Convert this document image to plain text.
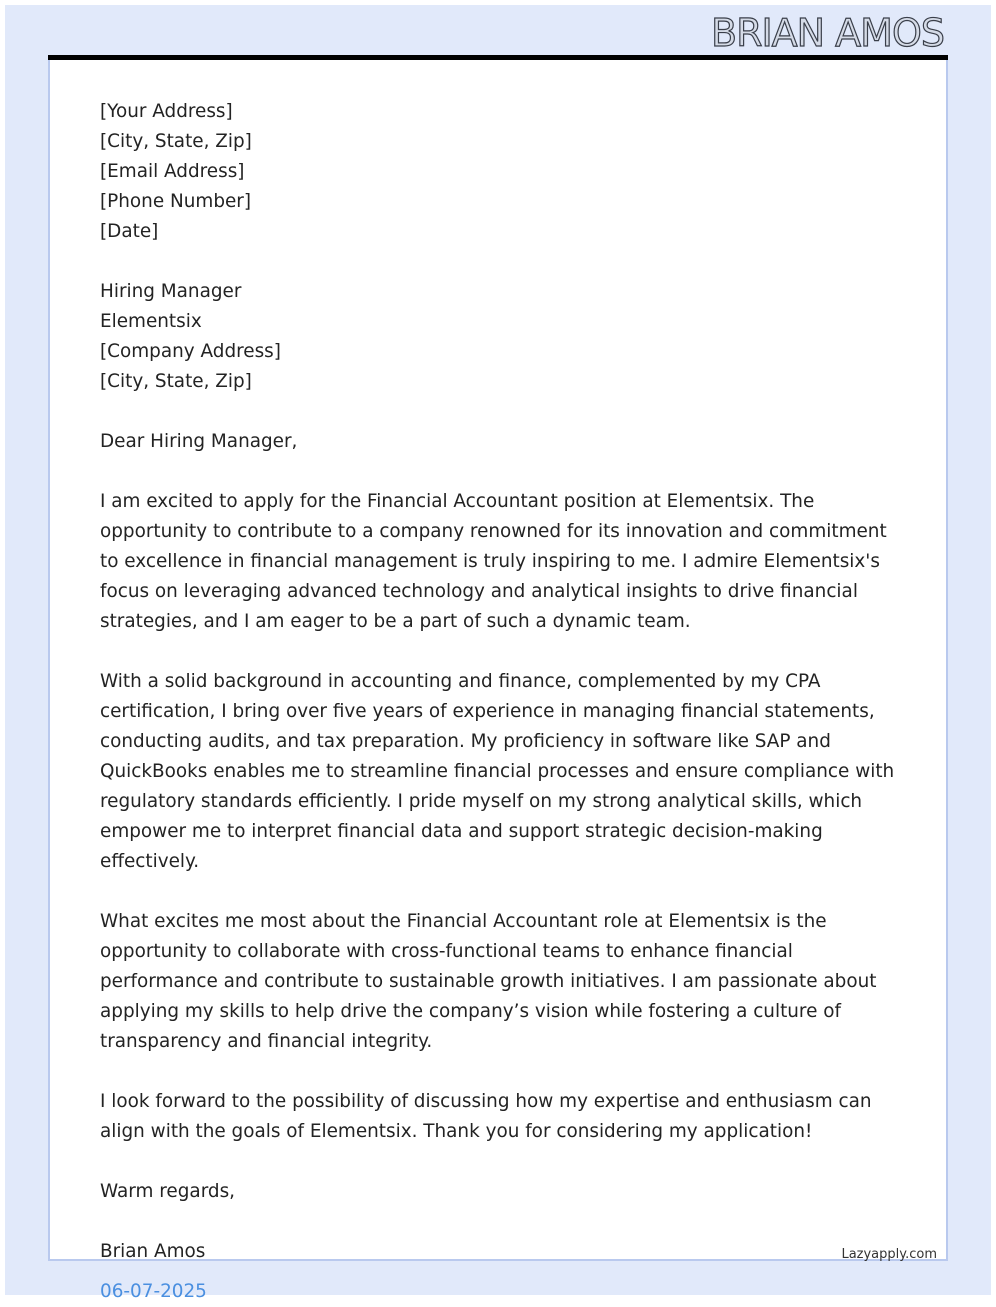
BRIAN AMOS
[Your Address]
[City, State, Zip]
[Email Address]
[Phone Number]
[Date]
Hiring Manager
Elementsix
[Company Address]
[City, State, Zip]

Dear Hiring Manager,

I am excited to apply for the Financial Accountant position at Elementsix. The opportunity to contribute to a company renowned for its innovation and commitment to excellence in financial management is truly inspiring to me. I admire Elementsix's focus on leveraging advanced technology and analytical insights to drive financial strategies, and I am eager to be a part of such a dynamic team.

With a solid background in accounting and finance, complemented by my CPA certification, I bring over five years of experience in managing financial statements, conducting audits, and tax preparation. My proficiency in software like SAP and QuickBooks enables me to streamline financial processes and ensure compliance with regulatory standards efficiently. I pride myself on my strong analytical skills, which empower me to interpret financial data and support strategic decision-making effectively.

What excites me most about the Financial Accountant role at Elementsix is the opportunity to collaborate with cross-functional teams to enhance financial performance and contribute to sustainable growth initiatives. I am passionate about applying my skills to help drive the company’s vision while fostering a culture of transparency and financial integrity.

I look forward to the possibility of discussing how my expertise and enthusiasm can align with the goals of Elementsix. Thank you for considering my application!

Warm regards,

Brian Amos

06-07-2025

Lazyapply.com
